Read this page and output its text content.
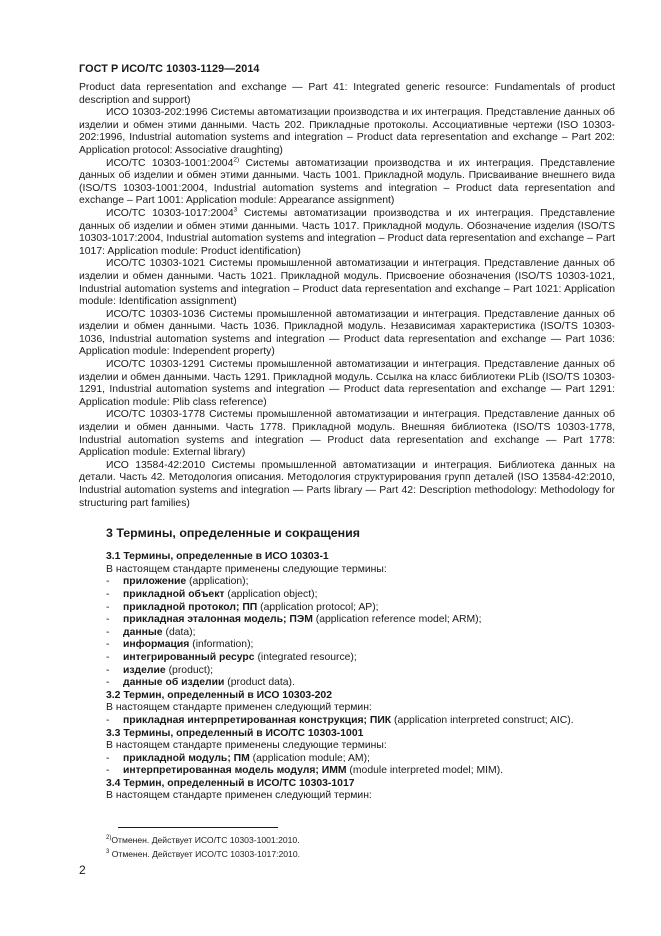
ГОСТ Р ИСО/ТС 10303-1129—2014

Product data representation and exchange — Part 41: Integrated generic resource: Fundamentals of product description and support)

ИСО 10303-202:1996 Системы автоматизации производства и их интеграция. Представление данных об изделии и обмен этими данными. Часть 202. Прикладные протоколы. Ассоциативные чертежи (ISO 10303-202:1996, Industrial automation systems and integration – Product data representation and exchange – Part 202: Application protocol: Associative draughting)

ИСО/ТС 10303-1001:2004$^{2)}$ Системы автоматизации производства и их интеграция. Представление данных об изделии и обмен этими данными. Часть 1001. Прикладной модуль. Присваивание внешнего вида (ISO/TS 10303-1001:2004, Industrial automation systems and integration – Product data representation and exchange – Part 1001: Application module: Appearance assignment)

ИСО/ТС 10303-1017:2004$^3$ Системы автоматизации производства и их интеграция. Представление данных об изделии и обмен этими данными. Часть 1017. Прикладной модуль. Обозначение изделия (ISO/TS 10303-1017:2004, Industrial automation systems and integration – Product data representation and exchange – Part 1017: Application module: Product identification)

ИСО/ТС 10303-1021 Системы промышленной автоматизации и интеграция. Представление данных об изделии и обмен данными. Часть 1021. Прикладной модуль. Присвоение обозначения (ISO/TS 10303-1021, Industrial automation systems and integration – Product data representation and exchange – Part 1021: Application module: Identification assignment)

ИСО/ТС 10303-1036 Системы промышленной автоматизации и интеграция. Представление данных об изделии и обмен данными. Часть 1036. Прикладной модуль. Независимая характеристика (ISO/TS 10303-1036, Industrial automation systems and integration — Product data representation and exchange — Part 1036: Application module: Independent property)

ИСО/ТС 10303-1291 Системы промышленной автоматизации и интеграция. Представление данных об изделии и обмен данными. Часть 1291. Прикладной модуль. Ссылка на класс библиотеки PLib (ISO/TS 10303-1291, Industrial automation systems and integration — Product data representation and exchange — Part 1291: Application module: Plib class reference)

ИСО/ТС 10303-1778 Системы промышленной автоматизации и интеграция. Представление данных об изделии и обмен данными. Часть 1778. Прикладной модуль. Внешняя библиотека (ISO/TS 10303-1778, Industrial automation systems and integration — Product data representation and exchange — Part 1778: Application module: External library)

ИСО 13584-42:2010 Системы промышленной автоматизации и интеграция. Библиотека данных на детали. Часть 42. Методология описания. Методология структурирования групп деталей (ISO 13584-42:2010, Industrial automation systems and integration — Parts library — Part 42: Description methodology: Methodology for structuring part families)

3 Термины, определенные и сокращения
3.1 Термины, определенные в ИСО 10303-1
В настоящем стандарте применены следующие термины:
- приложение (application);
- прикладной объект (application object);
- прикладной протокол; ПП (application protocol; AP);
- прикладная эталонная модель; ПЭМ (application reference model; ARM);
- данные (data);
- информация (information);
- интегрированный ресурс (integrated resource);
- изделие (product);
- данные об изделии (product data).
3.2 Термин, определенный в ИСО 10303-202
В настоящем стандарте применен следующий термин:
- прикладная интерпретированная конструкция; ПИК (application interpreted construct; AIC).
3.3 Термины, определенный в ИСО/ТС 10303-1001
В настоящем стандарте применены следующие термины:
- прикладной модуль; ПМ (application module; AM);
- интерпретированная модель модуля; ИММ (module interpreted model; MIM).
3.4 Термин, определенный в ИСО/ТС 10303-1017
В настоящем стандарте применен следующий термин:
$^{2)}$Отменен. Действует ИСО/ТС 10303-1001:2010.
$^3$ Отменен. Действует ИСО/ТС 10303-1017:2010.
2
